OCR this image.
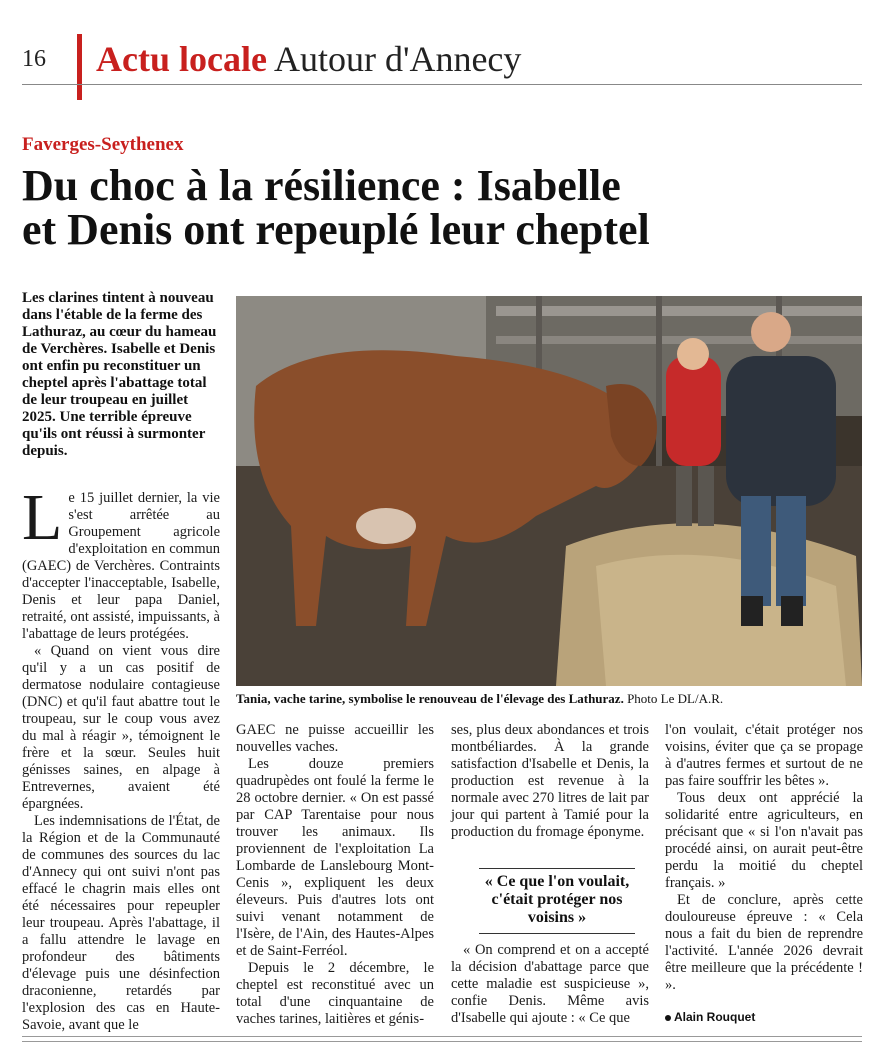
16 Actu locale Autour d'Annecy
Faverges-Seythenex
Du choc à la résilience : Isabelle
et Denis ont repeuplé leur cheptel
Les clarines tintent à nouveau dans l'étable de la ferme des Lathuraz, au cœur du hameau de Verchères. Isabelle et Denis ont enfin pu reconstituer un cheptel après l'abattage total de leur troupeau en juillet 2025. Une terrible épreuve qu'ils ont réussi à surmonter depuis.

Le 15 juillet dernier, la vie s'est arrêtée au Groupement agricole d'exploitation en commun (GAEC) de Verchères. Contraints d'accepter l'inacceptable, Isabelle, Denis et leur papa Daniel, retraité, ont assisté, impuissants, à l'abattage de leurs protégées.

« Quand on vient vous dire qu'il y a un cas positif de dermatose nodulaire contagieuse (DNC) et qu'il faut abattre tout le troupeau, sur le coup vous avez du mal à réagir », témoignent le frère et la sœur. Seules huit génisses saines, en alpage à Entrevernes, avaient été épargnées.

Les indemnisations de l'État, de la Région et de la Communauté de communes des sources du lac d'Annecy qui ont suivi n'ont pas effacé le chagrin mais elles ont été nécessaires pour repeupler leur troupeau. Après l'abattage, il a fallu attendre le lavage en profondeur des bâtiments d'élevage puis une désinfection draconienne, retardés par l'explosion des cas en Haute-Savoie, avant que le

Tania, vache tarine, symbolise le renouveau de l'élevage des Lathuraz. Photo Le DL/A.R.

GAEC ne puisse accueillir les nouvelles vaches.

Les douze premiers quadrupèdes ont foulé la ferme le 28 octobre dernier. « On est passé par CAP Tarentaise pour nous trouver les animaux. Ils proviennent de l'exploitation La Lombarde de Lanslebourg Mont-Cenis », expliquent les deux éleveurs. Puis d'autres lots ont suivi venant notamment de l'Isère, de l'Ain, des Hautes-Alpes et de Saint-Ferréol.

Depuis le 2 décembre, le cheptel est reconstitué avec un total d'une cinquantaine de vaches tarines, laitières et génis-

ses, plus deux abondances et trois montbéliardes. À la grande satisfaction d'Isabelle et Denis, la production est revenue à la normale avec 270 litres de lait par jour qui partent à Tamié pour la production du fromage éponyme.

« Ce que l'on voulait, c'était protéger nos voisins »

« On comprend et on a accepté la décision d'abattage parce que cette maladie est suspicieuse », confie Denis. Même avis d'Isabelle qui ajoute : « Ce que

l'on voulait, c'était protéger nos voisins, éviter que ça se propage à d'autres fermes et surtout de ne pas faire souffrir les bêtes ».

Tous deux ont apprécié la solidarité entre agriculteurs, en précisant que « si l'on n'avait pas procédé ainsi, on aurait peut-être perdu la moitié du cheptel français. »

Et de conclure, après cette douloureuse épreuve : « Cela nous a fait du bien de reprendre l'activité. L'année 2026 devrait être meilleure que la précédente ! ».

Alain Rouquet
